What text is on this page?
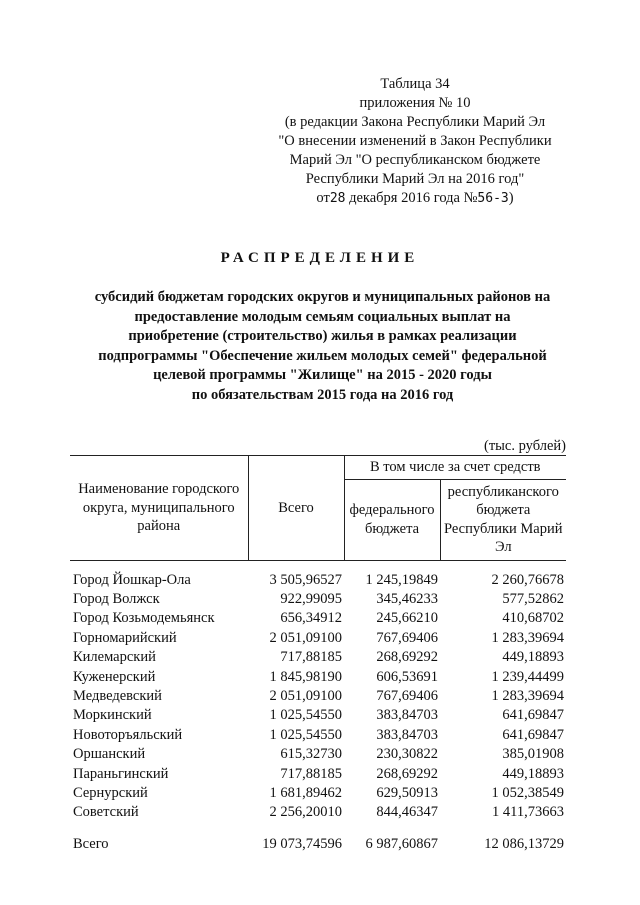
Таблица 34
приложения № 10
(в редакции Закона Республики Марий Эл
"О внесении изменений в Закон Республики
Марий Эл "О республиканском бюджете
Республики Марий Эл на 2016 год"
от28 декабря 2016 года №56-З)
РАСПРЕДЕЛЕНИЕ
субсидий бюджетам городских округов и муниципальных районов на
предоставление молодым семьям социальных выплат на
приобретение (строительство) жилья в рамках реализации
подпрограммы "Обеспечение жильем молодых семей" федеральной
целевой программы "Жилище" на 2015 - 2020 годы
по обязательствам 2015 года на 2016 год
(тыс. рублей)
Наименование городского округа, муниципального района	Всего	В том числе за счет средств	
		федерального бюджета	республиканского бюджета Республики Марий Эл
Город Йошкар-Ола	3 505,96527	1 245,19849	2 260,76678
Город Волжск	922,99095	345,46233	577,52862
Город Козьмодемьянск	656,34912	245,66210	410,68702
Горномарийский	2 051,09100	767,69406	1 283,39694
Килемарский	717,88185	268,69292	449,18893
Куженерский	1 845,98190	606,53691	1 239,44499
Медведевский	2 051,09100	767,69406	1 283,39694
Моркинский	1 025,54550	383,84703	641,69847
Новоторъяльский	1 025,54550	383,84703	641,69847
Оршанский	615,32730	230,30822	385,01908
Параньгинский	717,88185	268,69292	449,18893
Сернурский	1 681,89462	629,50913	1 052,38549
Советский	2 256,20010	844,46347	1 411,73663
Всего	19 073,74596	6 987,60867	12 086,13729
